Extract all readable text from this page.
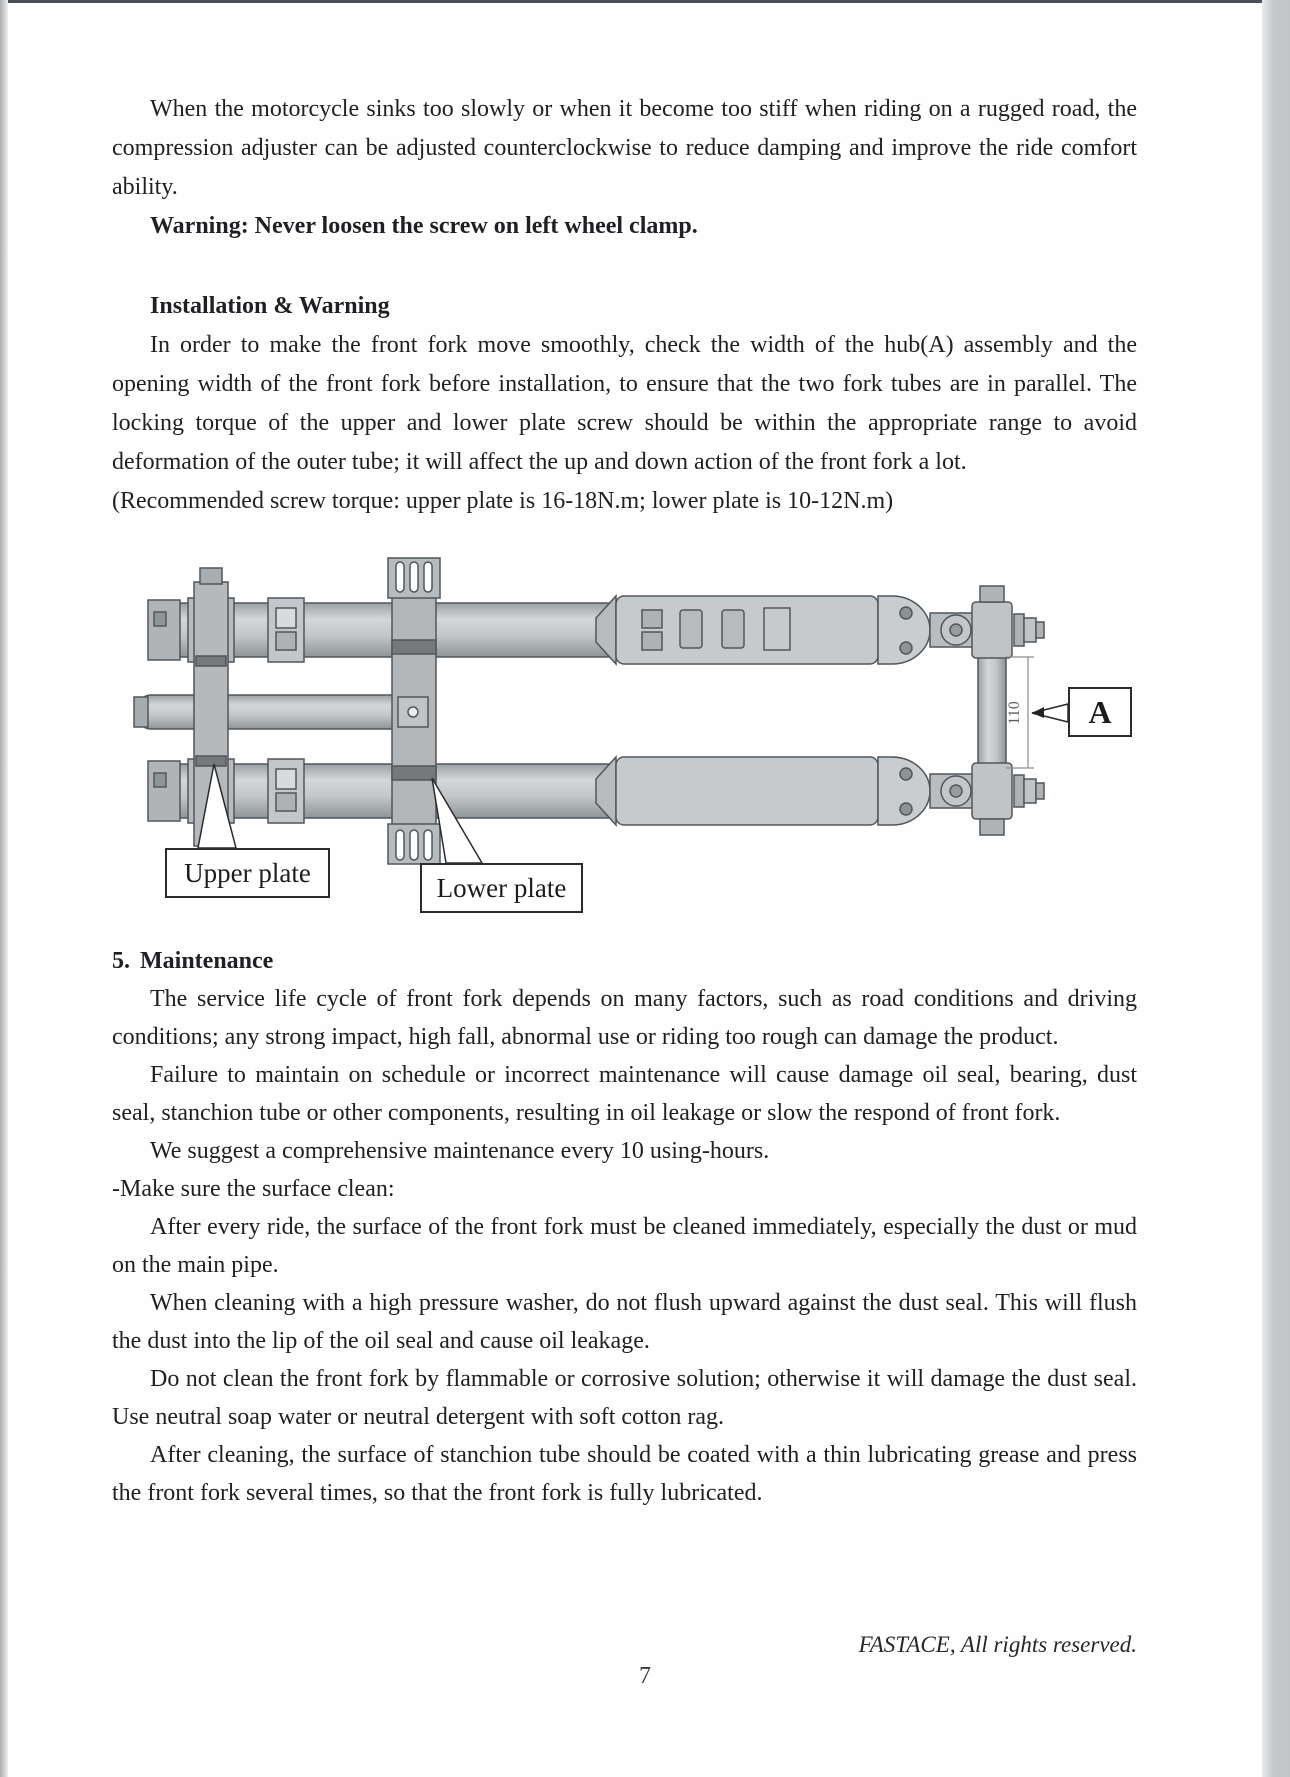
When the motorcycle sinks too slowly or when it become too stiff when riding on a rugged road, the compression adjuster can be adjusted counterclockwise to reduce damping and improve the ride comfort ability.

Warning: Never loosen the screw on left wheel clamp.

Installation & Warning

In order to make the front fork move smoothly, check the width of the hub(A) assembly and the opening width of the front fork before installation, to ensure that the two fork tubes are in parallel. The locking torque of the upper and lower plate screw should be within the appropriate range to avoid deformation of the outer tube; it will affect the up and down action of the front fork a lot.

(Recommended screw torque: upper plate is 16-18N.m; lower plate is 10-12N.m)

110
Upper plate	Lower plate
A

5. Maintenance

The service life cycle of front fork depends on many factors, such as road conditions and driving conditions; any strong impact, high fall, abnormal use or riding too rough can damage the product.

Failure to maintain on schedule or incorrect maintenance will cause damage oil seal, bearing, dust seal, stanchion tube or other components, resulting in oil leakage or slow the respond of front fork.

We suggest a comprehensive maintenance every 10 using-hours.

-Make sure the surface clean:

After every ride, the surface of the front fork must be cleaned immediately, especially the dust or mud on the main pipe.

When cleaning with a high pressure washer, do not flush upward against the dust seal. This will flush the dust into the lip of the oil seal and cause oil leakage.

Do not clean the front fork by flammable or corrosive solution; otherwise it will damage the dust seal. Use neutral soap water or neutral detergent with soft cotton rag.

After cleaning, the surface of stanchion tube should be coated with a thin lubricating grease and press the front fork several times, so that the front fork is fully lubricated.

FASTACE, All rights reserved.
7
